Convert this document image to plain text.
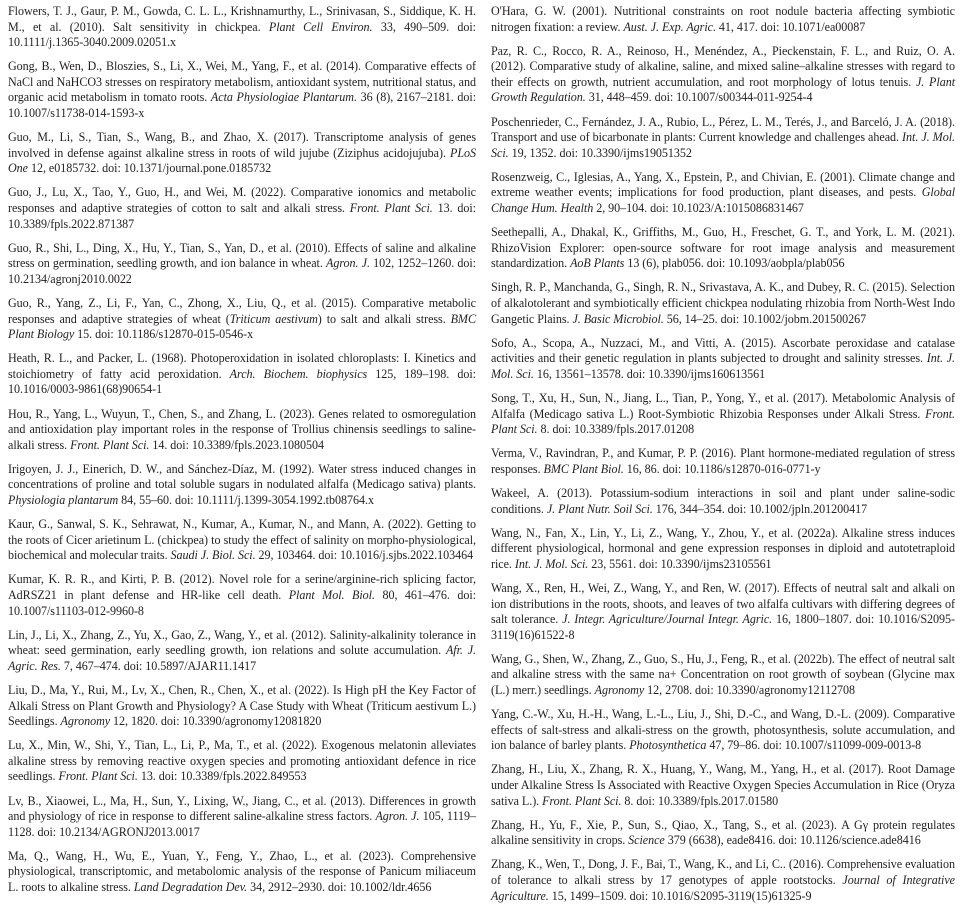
Flowers, T. J., Gaur, P. M., Gowda, C. L. L., Krishnamurthy, L., Srinivasan, S., Siddique, K. H. M., et al. (2010). Salt sensitivity in chickpea. Plant Cell Environ. 33, 490–509. doi: 10.1111/j.1365-3040.2009.02051.x

Gong, B., Wen, D., Bloszies, S., Li, X., Wei, M., Yang, F., et al. (2014). Comparative effects of NaCl and NaHCO3 stresses on respiratory metabolism, antioxidant system, nutritional status, and organic acid metabolism in tomato roots. Acta Physiologiae Plantarum. 36 (8), 2167–2181. doi: 10.1007/s11738-014-1593-x

Guo, M., Li, S., Tian, S., Wang, B., and Zhao, X. (2017). Transcriptome analysis of genes involved in defense against alkaline stress in roots of wild jujube (Ziziphus acidojujuba). PLoS One 12, e0185732. doi: 10.1371/journal.pone.0185732

Guo, J., Lu, X., Tao, Y., Guo, H., and Wei, M. (2022). Comparative ionomics and metabolic responses and adaptive strategies of cotton to salt and alkali stress. Front. Plant Sci. 13. doi: 10.3389/fpls.2022.871387

Guo, R., Shi, L., Ding, X., Hu, Y., Tian, S., Yan, D., et al. (2010). Effects of saline and alkaline stress on germination, seedling growth, and ion balance in wheat. Agron. J. 102, 1252–1260. doi: 10.2134/agronj2010.0022

Guo, R., Yang, Z., Li, F., Yan, C., Zhong, X., Liu, Q., et al. (2015). Comparative metabolic responses and adaptive strategies of wheat (Triticum aestivum) to salt and alkali stress. BMC Plant Biology 15. doi: 10.1186/s12870-015-0546-x

Heath, R. L., and Packer, L. (1968). Photoperoxidation in isolated chloroplasts: I. Kinetics and stoichiometry of fatty acid peroxidation. Arch. Biochem. biophysics 125, 189–198. doi: 10.1016/0003-9861(68)90654-1

Hou, R., Yang, L., Wuyun, T., Chen, S., and Zhang, L. (2023). Genes related to osmoregulation and antioxidation play important roles in the response of Trollius chinensis seedlings to saline-alkali stress. Front. Plant Sci. 14. doi: 10.3389/fpls.2023.1080504

Irigoyen, J. J., Einerich, D. W., and Sánchez-Díaz, M. (1992). Water stress induced changes in concentrations of proline and total soluble sugars in nodulated alfalfa (Medicago sativa) plants. Physiologia plantarum 84, 55–60. doi: 10.1111/j.1399-3054.1992.tb08764.x

Kaur, G., Sanwal, S. K., Sehrawat, N., Kumar, A., Kumar, N., and Mann, A. (2022). Getting to the roots of Cicer arietinum L. (chickpea) to study the effect of salinity on morpho-physiological, biochemical and molecular traits. Saudi J. Biol. Sci. 29, 103464. doi: 10.1016/j.sjbs.2022.103464

Kumar, K. R. R., and Kirti, P. B. (2012). Novel role for a serine/arginine-rich splicing factor, AdRSZ21 in plant defense and HR-like cell death. Plant Mol. Biol. 80, 461–476. doi: 10.1007/s11103-012-9960-8

Lin, J., Li, X., Zhang, Z., Yu, X., Gao, Z., Wang, Y., et al. (2012). Salinity-alkalinity tolerance in wheat: seed germination, early seedling growth, ion relations and solute accumulation. Afr. J. Agric. Res. 7, 467–474. doi: 10.5897/AJAR11.1417

Liu, D., Ma, Y., Rui, M., Lv, X., Chen, R., Chen, X., et al. (2022). Is High pH the Key Factor of Alkali Stress on Plant Growth and Physiology? A Case Study with Wheat (Triticum aestivum L.) Seedlings. Agronomy 12, 1820. doi: 10.3390/agronomy12081820

Lu, X., Min, W., Shi, Y., Tian, L., Li, P., Ma, T., et al. (2022). Exogenous melatonin alleviates alkaline stress by removing reactive oxygen species and promoting antioxidant defence in rice seedlings. Front. Plant Sci. 13. doi: 10.3389/fpls.2022.849553

Lv, B., Xiaowei, L., Ma, H., Sun, Y., Lixing, W., Jiang, C., et al. (2013). Differences in growth and physiology of rice in response to different saline-alkaline stress factors. Agron. J. 105, 1119–1128. doi: 10.2134/AGRONJ2013.0017

Ma, Q., Wang, H., Wu, E., Yuan, Y., Feng, Y., Zhao, L., et al. (2023). Comprehensive physiological, transcriptomic, and metabolomic analysis of the response of Panicum miliaceum L. roots to alkaline stress. Land Degradation Dev. 34, 2912–2930. doi: 10.1002/ldr.4656

O'Hara, G. W. (2001). Nutritional constraints on root nodule bacteria affecting symbiotic nitrogen fixation: a review. Aust. J. Exp. Agric. 41, 417. doi: 10.1071/ea00087

Paz, R. C., Rocco, R. A., Reinoso, H., Menéndez, A., Pieckenstain, F. L., and Ruiz, O. A. (2012). Comparative study of alkaline, saline, and mixed saline–alkaline stresses with regard to their effects on growth, nutrient accumulation, and root morphology of lotus tenuis. J. Plant Growth Regulation. 31, 448–459. doi: 10.1007/s00344-011-9254-4

Poschenrieder, C., Fernández, J. A., Rubio, L., Pérez, L. M., Terés, J., and Barceló, J. A. (2018). Transport and use of bicarbonate in plants: Current knowledge and challenges ahead. Int. J. Mol. Sci. 19, 1352. doi: 10.3390/ijms19051352

Rosenzweig, C., Iglesias, A., Yang, X., Epstein, P., and Chivian, E. (2001). Climate change and extreme weather events; implications for food production, plant diseases, and pests. Global Change Hum. Health 2, 90–104. doi: 10.1023/A:1015086831467

Seethepalli, A., Dhakal, K., Griffiths, M., Guo, H., Freschet, G. T., and York, L. M. (2021). RhizoVision Explorer: open-source software for root image analysis and measurement standardization. AoB Plants 13 (6), plab056. doi: 10.1093/aobpla/plab056

Singh, R. P., Manchanda, G., Singh, R. N., Srivastava, A. K., and Dubey, R. C. (2015). Selection of alkalotolerant and symbiotically efficient chickpea nodulating rhizobia from North-West Indo Gangetic Plains. J. Basic Microbiol. 56, 14–25. doi: 10.1002/jobm.201500267

Sofo, A., Scopa, A., Nuzzaci, M., and Vitti, A. (2015). Ascorbate peroxidase and catalase activities and their genetic regulation in plants subjected to drought and salinity stresses. Int. J. Mol. Sci. 16, 13561–13578. doi: 10.3390/ijms160613561

Song, T., Xu, H., Sun, N., Jiang, L., Tian, P., Yong, Y., et al. (2017). Metabolomic Analysis of Alfalfa (Medicago sativa L.) Root-Symbiotic Rhizobia Responses under Alkali Stress. Front. Plant Sci. 8. doi: 10.3389/fpls.2017.01208

Verma, V., Ravindran, P., and Kumar, P. P. (2016). Plant hormone-mediated regulation of stress responses. BMC Plant Biol. 16, 86. doi: 10.1186/s12870-016-0771-y

Wakeel, A. (2013). Potassium-sodium interactions in soil and plant under saline-sodic conditions. J. Plant Nutr. Soil Sci. 176, 344–354. doi: 10.1002/jpln.201200417

Wang, N., Fan, X., Lin, Y., Li, Z., Wang, Y., Zhou, Y., et al. (2022a). Alkaline stress induces different physiological, hormonal and gene expression responses in diploid and autotetraploid rice. Int. J. Mol. Sci. 23, 5561. doi: 10.3390/ijms23105561

Wang, X., Ren, H., Wei, Z., Wang, Y., and Ren, W. (2017). Effects of neutral salt and alkali on ion distributions in the roots, shoots, and leaves of two alfalfa cultivars with differing degrees of salt tolerance. J. Integr. Agriculture/Journal Integr. Agric. 16, 1800–1807. doi: 10.1016/S2095-3119(16)61522-8

Wang, G., Shen, W., Zhang, Z., Guo, S., Hu, J., Feng, R., et al. (2022b). The effect of neutral salt and alkaline stress with the same na+ Concentration on root growth of soybean (Glycine max (L.) merr.) seedlings. Agronomy 12, 2708. doi: 10.3390/agronomy12112708

Yang, C.-W., Xu, H.-H., Wang, L.-L., Liu, J., Shi, D.-C., and Wang, D.-L. (2009). Comparative effects of salt-stress and alkali-stress on the growth, photosynthesis, solute accumulation, and ion balance of barley plants. Photosynthetica 47, 79–86. doi: 10.1007/s11099-009-0013-8

Zhang, H., Liu, X., Zhang, R. X., Huang, Y., Wang, M., Yang, H., et al. (2017). Root Damage under Alkaline Stress Is Associated with Reactive Oxygen Species Accumulation in Rice (Oryza sativa L.). Front. Plant Sci. 8. doi: 10.3389/fpls.2017.01580

Zhang, H., Yu, F., Xie, P., Sun, S., Qiao, X., Tang, S., et al. (2023). A Gγ protein regulates alkaline sensitivity in crops. Science 379 (6638), eade8416. doi: 10.1126/science.ade8416

Zhang, K., Wen, T., Dong, J. F., Bai, T., Wang, K., and Li, C.. (2016). Comprehensive evaluation of tolerance to alkali stress by 17 genotypes of apple rootstocks. Journal of Integrative Agriculture. 15, 1499–1509. doi: 10.1016/S2095-3119(15)61325-9
